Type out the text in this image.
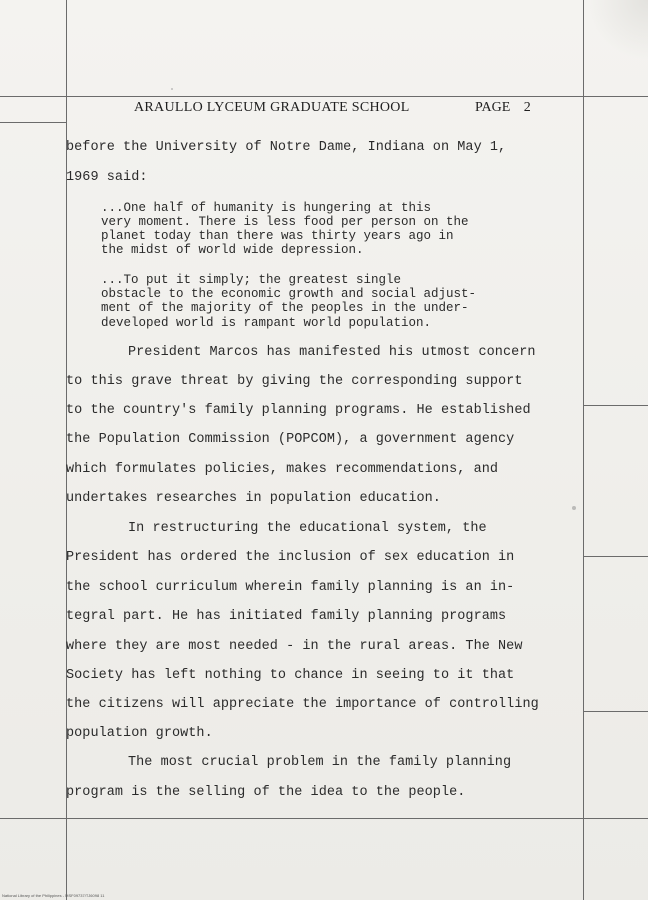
ARAULLO LYCEUM GRADUATE SCHOOL	PAGE 2
before the University of Notre Dame, Indiana on May 1,
1969 said:
...One half of humanity is hungering at this
very moment. There is less food per person on the
planet today than there was thirty years ago in
the midst of world wide depression.
...To put it simply; the greatest single
obstacle to the economic growth and social adjust-
ment of the majority of the peoples in the under-
developed world is rampant world population.
President Marcos has manifested his utmost concern
to this grave threat by giving the corresponding support
to the country's family planning programs. He established
the Population Commission (POPCOM), a government agency
which formulates policies, makes recommendations, and
undertakes researches in population education.
In restructuring the educational system, the
President has ordered the inclusion of sex education in
the school curriculum wherein family planning is an in-
tegral part. He has initiated family planning programs
where they are most needed - in the rural areas. The New
Society has left nothing to chance in seeing to it that
the citizens will appreciate the importance of controlling
population growth.
The most crucial problem in the family planning
program is the selling of the idea to the people.
National Library of the Philippines - MSF09737/TJ6098 11
